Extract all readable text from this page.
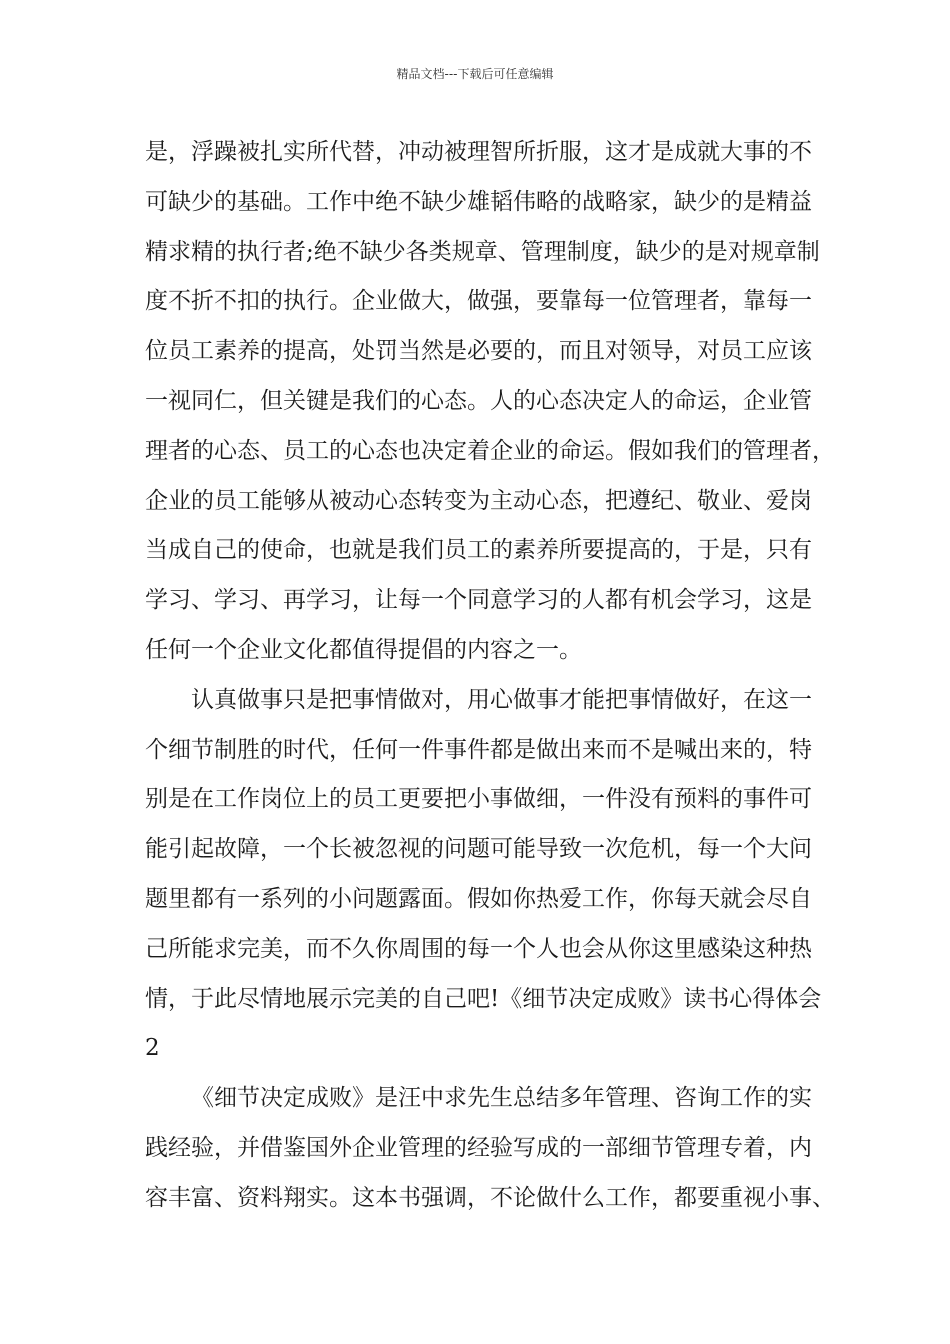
精品文档---下载后可任意编辑
是，浮躁被扎实所代替，冲动被理智所折服，这才是成就大事的不
可缺少的基础。工作中绝不缺少雄韬伟略的战略家，缺少的是精益
精求精的执行者;绝不缺少各类规章、管理制度，缺少的是对规章制
度不折不扣的执行。企业做大，做强，要靠每一位管理者，靠每一
位员工素养的提高，处罚当然是必要的，而且对领导，对员工应该
一视同仁，但关键是我们的心态。人的心态决定人的命运，企业管
理者的心态、员工的心态也决定着企业的命运。假如我们的管理者，
企业的员工能够从被动心态转变为主动心态，把遵纪、敬业、爱岗
当成自己的使命，也就是我们员工的素养所要提高的，于是，只有
学习、学习、再学习，让每一个同意学习的人都有机会学习，这是
任何一个企业文化都值得提倡的内容之一。
认真做事只是把事情做对，用心做事才能把事情做好，在这一
个细节制胜的时代，任何一件事件都是做出来而不是喊出来的，特
别是在工作岗位上的员工更要把小事做细，一件没有预料的事件可
能引起故障，一个长被忽视的问题可能导致一次危机，每一个大问
题里都有一系列的小问题露面。假如你热爱工作，你每天就会尽自
己所能求完美，而不久你周围的每一个人也会从你这里感染这种热
情，于此尽情地展示完美的自己吧!《细节决定成败》读书心得体会
2
《细节决定成败》是汪中求先生总结多年管理、咨询工作的实
践经验，并借鉴国外企业管理的经验写成的一部细节管理专着，内
容丰富、资料翔实。这本书强调，不论做什么工作，都要重视小事、
